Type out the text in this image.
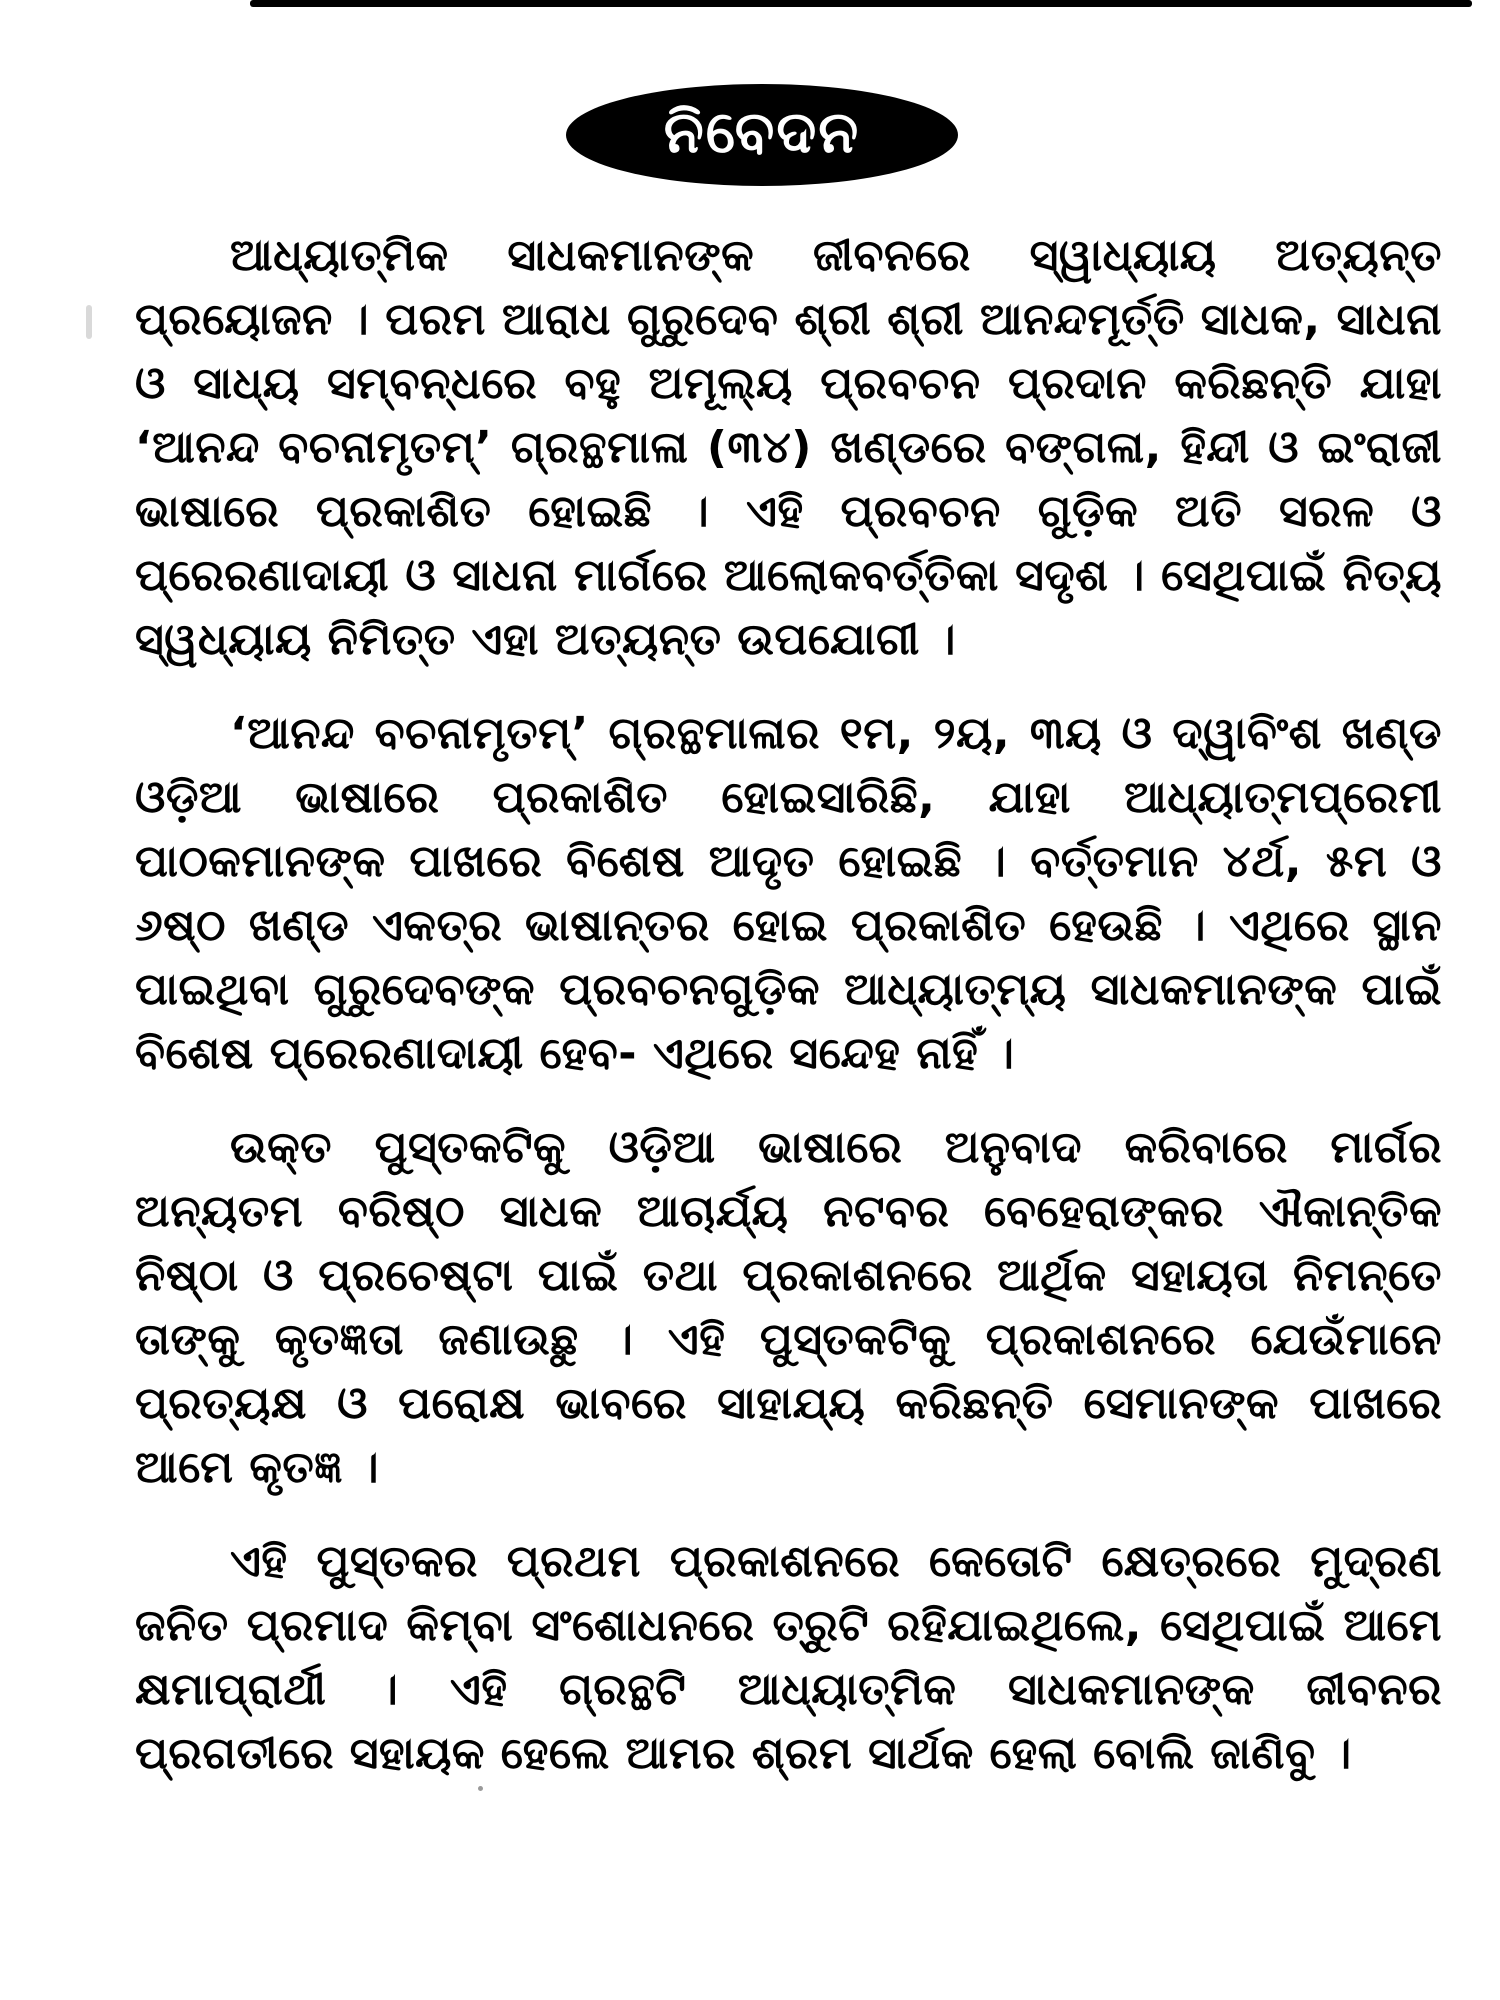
ନିବେଦନ

ଆଧ୍ୟାତ୍ମିକ ସାଧକମାନଙ୍କ ଜୀବନରେ ସ୍ୱାଧ୍ୟାୟ ଅତ୍ୟନ୍ତ ପ୍ରୟୋଜନ । ପରମ ଆରାଧ ଗୁରୁଦେବ ଶ୍ରୀ ଶ୍ରୀ ଆନନ୍ଦମୂର୍ତ୍ତି ସାଧକ, ସାଧନା ଓ ସାଧ୍ୟ ସମ୍ବନ୍ଧରେ ବହୁ ଅମୂଲ୍ୟ ପ୍ରବଚନ ପ୍ରଦାନ କରିଛନ୍ତି ଯାହା ‘ଆନନ୍ଦ ବଚନାମୃତମ୍’ ଗ୍ରନ୍ଥମାଳା (୩୪) ଖଣ୍ଡରେ ବଙ୍ଗଳା, ହିନ୍ଦୀ ଓ ଇଂରାଜୀ ଭାଷାରେ ପ୍ରକାଶିତ ହୋଇଛି । ଏହି ପ୍ରବଚନ ଗୁଡ଼ିକ ଅତି ସରଳ ଓ ପ୍ରେରଣାଦାୟୀ ଓ ସାଧନା ମାର୍ଗରେ ଆଲୋକବର୍ତ୍ତିକା ସଦୃଶ । ସେଥିପାଇଁ ନିତ୍ୟ ସ୍ୱଧ୍ୟାୟ ନିମିତ୍ତ ଏହା ଅତ୍ୟନ୍ତ ଉପଯୋଗୀ ।

‘ଆନନ୍ଦ ବଚନାମୃତମ୍’ ଗ୍ରନ୍ଥମାଳାର ୧ମ, ୨ୟ, ୩ୟ ଓ ଦ୍ୱାବିଂଶ ଖଣ୍ଡ ଓଡ଼ିଆ ଭାଷାରେ ପ୍ରକାଶିତ ହୋଇସାରିଛି, ଯାହା ଆଧ୍ୟାତ୍ମପ୍ରେମୀ ପାଠକମାନଙ୍କ ପାଖରେ ବିଶେଷ ଆଦୃତ ହୋଇଛି । ବର୍ତ୍ତମାନ ୪ର୍ଥ, ୫ମ ଓ ୬ଷ୍ଠ ଖଣ୍ଡ ଏକତ୍ର ଭାଷାନ୍ତର ହୋଇ ପ୍ରକାଶିତ ହେଉଛି । ଏଥିରେ ସ୍ଥାନ ପାଇଥିବା ଗୁରୁଦେବଙ୍କ ପ୍ରବଚନଗୁଡ଼ିକ ଆଧ୍ୟାତ୍ମ୍ୟ ସାଧକମାନଙ୍କ ପାଇଁ ବିଶେଷ ପ୍ରେରଣାଦାୟୀ ହେବ- ଏଥିରେ ସନ୍ଦେହ ନାହିଁ ।

ଉକ୍ତ ପୁସ୍ତକଟିକୁ ଓଡ଼ିଆ ଭାଷାରେ ଅନୁବାଦ କରିବାରେ ମାର୍ଗର ଅନ୍ୟତମ ବରିଷ୍ଠ ସାଧକ ଆଚାର୍ଯ୍ୟ ନଟବର ବେହେରାଙ୍କର ଐକାନ୍ତିକ ନିଷ୍ଠା ଓ ପ୍ରଚେଷ୍ଟା ପାଇଁ ତଥା ପ୍ରକାଶନରେ ଆର୍ଥିକ ସହାୟତା ନିମନ୍ତେ ତାଙ୍କୁ କୃତଜ୍ଞତା ଜଣାଉଛୁ । ଏହି ପୁସ୍ତକଟିକୁ ପ୍ରକାଶନରେ ଯେଉଁମାନେ ପ୍ରତ୍ୟକ୍ଷ ଓ ପରୋକ୍ଷ ଭାବରେ ସାହାଯ୍ୟ କରିଛନ୍ତି ସେମାନଙ୍କ ପାଖରେ ଆମେ କୃତଜ୍ଞ ।

ଏହି ପୁସ୍ତକର ପ୍ରଥମ ପ୍ରକାଶନରେ କେତୋଟି କ୍ଷେତ୍ରରେ ମୁଦ୍ରଣ ଜନିତ ପ୍ରମାଦ କିମ୍ବା ସଂଶୋଧନରେ ତ୍ରୁଟି ରହିଯାଇଥିଲେ, ସେଥିପାଇଁ ଆମେ କ୍ଷମାପ୍ରାର୍ଥୀ । ଏହି ଗ୍ରନ୍ଥଟି ଆଧ୍ୟାତ୍ମିକ ସାଧକମାନଙ୍କ ଜୀବନର ପ୍ରଗତୀରେ ସହାୟକ ହେଲେ ଆମର ଶ୍ରମ ସାର୍ଥକ ହେଲା ବୋଲି ଜାଣିବୁ ।
